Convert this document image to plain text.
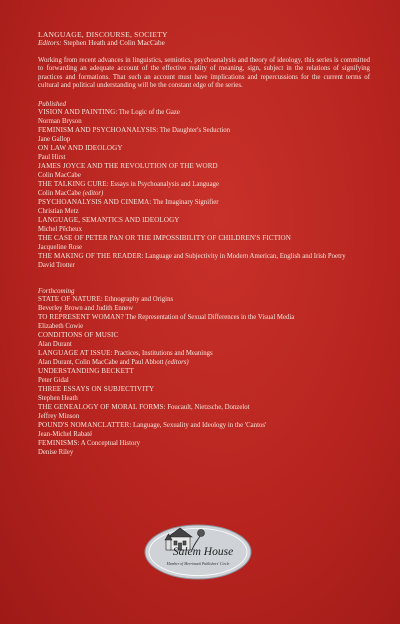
LANGUAGE, DISCOURSE, SOCIETY
Editors: Stephen Heath and Colin MacCabe
Working from recent advances in linguistics, semiotics, psychoanalysis and theory of ideology, this series is committed to forwarding an adequate account of the effective reality of meaning, sign, subject in the relations of signifying practices and formations. That such an account must have implications and repercussions for the current terms of cultural and political understanding will be the constant edge of the series.
Published
VISION AND PAINTING: The Logic of the Gaze
Norman Bryson
FEMINISM AND PSYCHOANALYSIS: The Daughter's Seduction
Jane Gallop
ON LAW AND IDEOLOGY
Paul Hirst
JAMES JOYCE AND THE REVOLUTION OF THE WORD
Colin MacCabe
THE TALKING CURE: Essays in Psychoanalysis and Language
Colin MacCabe (editor)
PSYCHOANALYSIS AND CINEMA: The Imaginary Signifier
Christian Metz
LANGUAGE, SEMANTICS AND IDEOLOGY
Michel Pêcheux
THE CASE OF PETER PAN OR THE IMPOSSIBILITY OF CHILDREN'S FICTION
Jacqueline Rose
THE MAKING OF THE READER: Language and Subjectivity in Modern American, English and Irish Poetry
David Trotter
Forthcoming
STATE OF NATURE: Ethnography and Origins
Beverley Brown and Judith Ennew
TO REPRESENT WOMAN? The Representation of Sexual Differences in the Visual Media
Elizabeth Cowie
CONDITIONS OF MUSIC
Alan Durant
LANGUAGE AT ISSUE: Practices, Institutions and Meanings
Alan Durant, Colin MacCabe and Paul Abbott (editors)
UNDERSTANDING BECKETT
Peter Gidal
THREE ESSAYS ON SUBJECTIVITY
Stephen Heath
THE GENEALOGY OF MORAL FORMS: Foucault, Nietzsche, Donzelot
Jeffrey Minson
POUND'S NOMANCLATTER: Language, Sexuality and Ideology in the 'Cantos'
Jean-Michel Rabaté
FEMINISMS: A Conceptual History
Denise Riley
Salem House
Member of Merrimack Publishers' Circle
